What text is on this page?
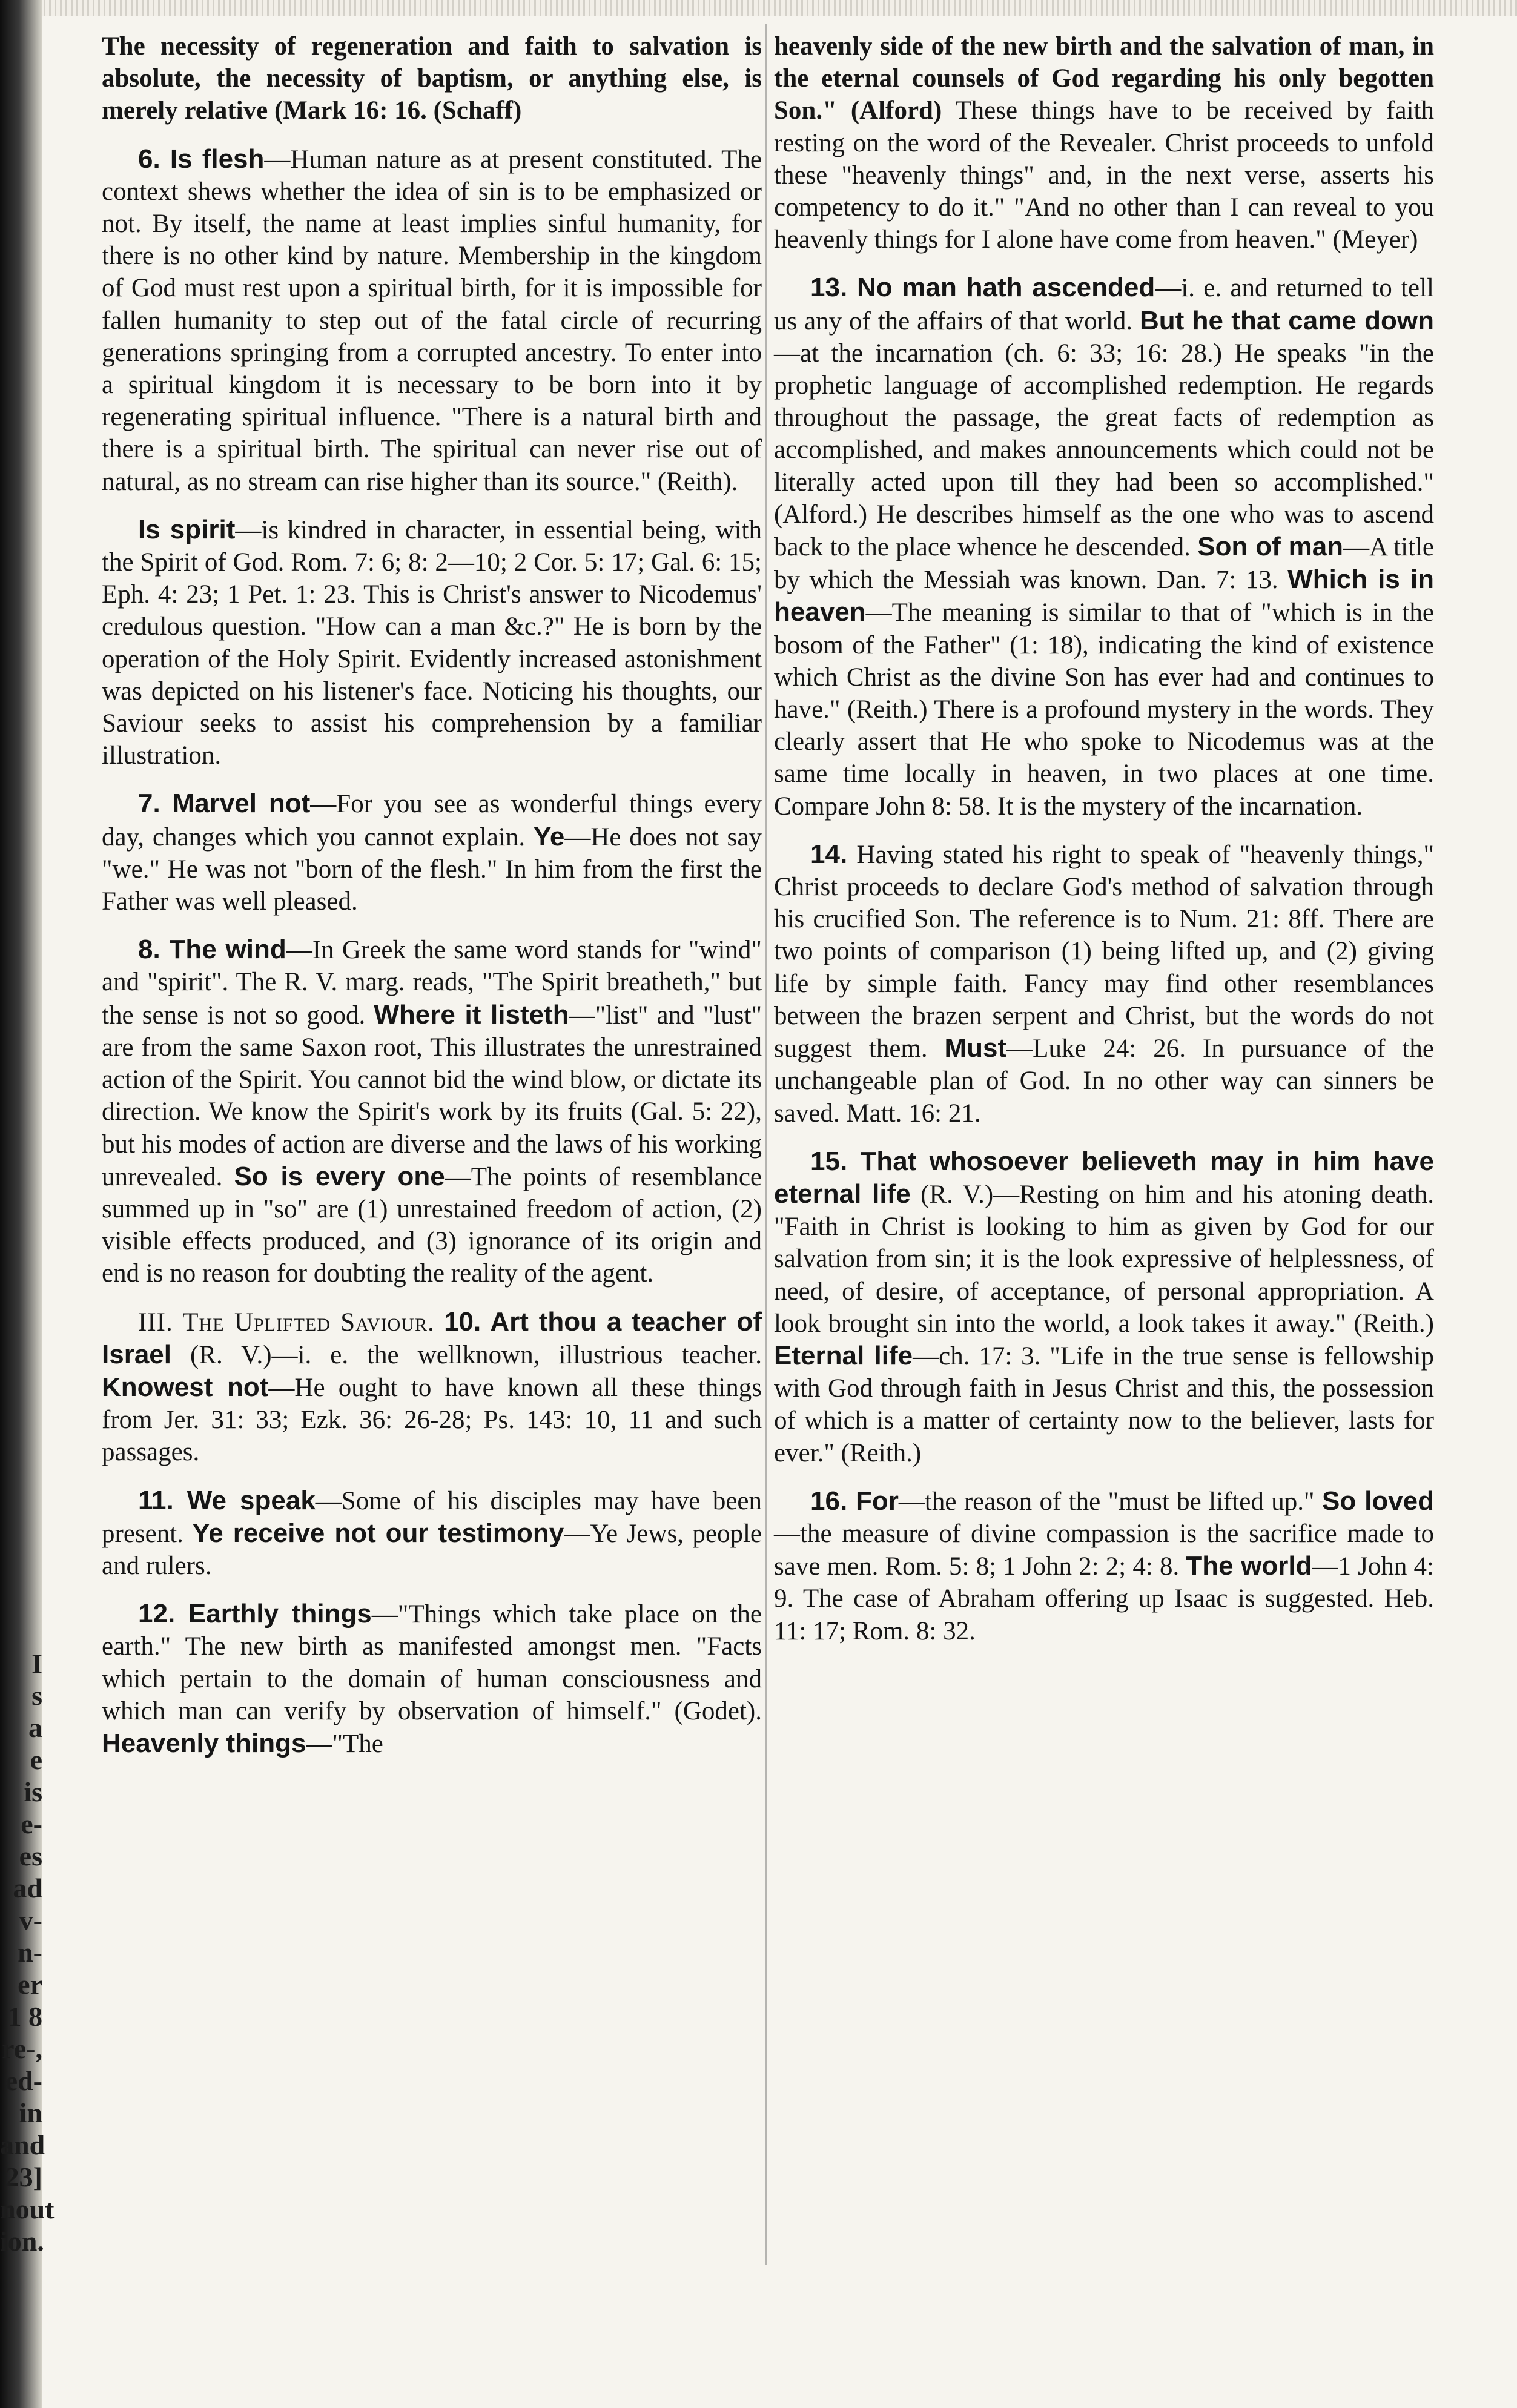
I
s
a
e
is
e-
es
ad
v-
n-
er
1 8
re-,
ed-
in
and
23]
nout
ion.

The necessity of regeneration and faith to salvation is absolute, the necessity of baptism, or anything else, is merely relative (Mark 16: 16. (Schaff)

6. Is flesh—Human nature as at present constituted. The context shews whether the idea of sin is to be emphasized or not. By itself, the name at least implies sinful humanity, for there is no other kind by nature. Membership in the kingdom of God must rest upon a spiritual birth, for it is impossible for fallen humanity to step out of the fatal circle of recurring generations springing from a corrupted ancestry. To enter into a spiritual kingdom it is necessary to be born into it by regenerating spiritual influence. "There is a natural birth and there is a spiritual birth. The spiritual can never rise out of natural, as no stream can rise higher than its source." (Reith).

Is spirit—is kindred in character, in essential being, with the Spirit of God. Rom. 7: 6; 8: 2—10; 2 Cor. 5: 17; Gal. 6: 15; Eph. 4: 23; 1 Pet. 1: 23. This is Christ's answer to Nicodemus' credulous question. "How can a man &c.?" He is born by the operation of the Holy Spirit. Evidently increased astonishment was depicted on his listener's face. Noticing his thoughts, our Saviour seeks to assist his comprehension by a familiar illustration.

7. Marvel not—For you see as wonderful things every day, changes which you cannot explain. Ye—He does not say "we." He was not "born of the flesh." In him from the first the Father was well pleased.

8. The wind—In Greek the same word stands for "wind" and "spirit". The R. V. marg. reads, "The Spirit breatheth," but the sense is not so good. Where it listeth—"list" and "lust" are from the same Saxon root, This illustrates the unrestrained action of the Spirit. You cannot bid the wind blow, or dictate its direction. We know the Spirit's work by its fruits (Gal. 5: 22), but his modes of action are diverse and the laws of his working unrevealed. So is every one—The points of resemblance summed up in "so" are (1) unrestained freedom of action, (2) visible effects produced, and (3) ignorance of its origin and end is no reason for doubting the reality of the agent.

III. The Uplifted Saviour. 10. Art thou a teacher of Israel (R. V.)—i. e. the wellknown, illustrious teacher. Knowest not—He ought to have known all these things from Jer. 31: 33; Ezk. 36: 26-28; Ps. 143: 10, 11 and such passages.

11. We speak—Some of his disciples may have been present. Ye receive not our testimony—Ye Jews, people and rulers.

12. Earthly things—"Things which take place on the earth." The new birth as manifested amongst men. "Facts which pertain to the domain of human consciousness and which man can verify by observation of himself." (Godet). Heavenly things—"The

heavenly side of the new birth and the salvation of man, in the eternal counsels of God regarding his only begotten Son." (Alford) These things have to be received by faith resting on the word of the Revealer. Christ proceeds to unfold these "heavenly things" and, in the next verse, asserts his competency to do it." "And no other than I can reveal to you heavenly things for I alone have come from heaven." (Meyer)

13. No man hath ascended—i. e. and returned to tell us any of the affairs of that world. But he that came down—at the incarnation (ch. 6: 33; 16: 28.) He speaks "in the prophetic language of accomplished redemption. He regards throughout the passage, the great facts of redemption as accomplished, and makes announcements which could not be literally acted upon till they had been so accomplished." (Alford.) He describes himself as the one who was to ascend back to the place whence he descended. Son of man—A title by which the Messiah was known. Dan. 7: 13. Which is in heaven—The meaning is similar to that of "which is in the bosom of the Father" (1: 18), indicating the kind of existence which Christ as the divine Son has ever had and continues to have." (Reith.) There is a profound mystery in the words. They clearly assert that He who spoke to Nicodemus was at the same time locally in heaven, in two places at one time. Compare John 8: 58. It is the mystery of the incarnation.

14. Having stated his right to speak of "heavenly things," Christ proceeds to declare God's method of salvation through his crucified Son. The reference is to Num. 21: 8ff. There are two points of comparison (1) being lifted up, and (2) giving life by simple faith. Fancy may find other resemblances between the brazen serpent and Christ, but the words do not suggest them. Must—Luke 24: 26. In pursuance of the unchangeable plan of God. In no other way can sinners be saved. Matt. 16: 21.

15. That whosoever believeth may in him have eternal life (R. V.)—Resting on him and his atoning death. "Faith in Christ is looking to him as given by God for our salvation from sin; it is the look expressive of helplessness, of need, of desire, of acceptance, of personal appropriation. A look brought sin into the world, a look takes it away." (Reith.) Eternal life—ch. 17: 3. "Life in the true sense is fellowship with God through faith in Jesus Christ and this, the possession of which is a matter of certainty now to the believer, lasts for ever." (Reith.)

16. For—the reason of the "must be lifted up." So loved—the measure of divine compassion is the sacrifice made to save men. Rom. 5: 8; 1 John 2: 2; 4: 8. The world—1 John 4: 9. The case of Abraham offering up Isaac is suggested. Heb. 11: 17; Rom. 8: 32.
